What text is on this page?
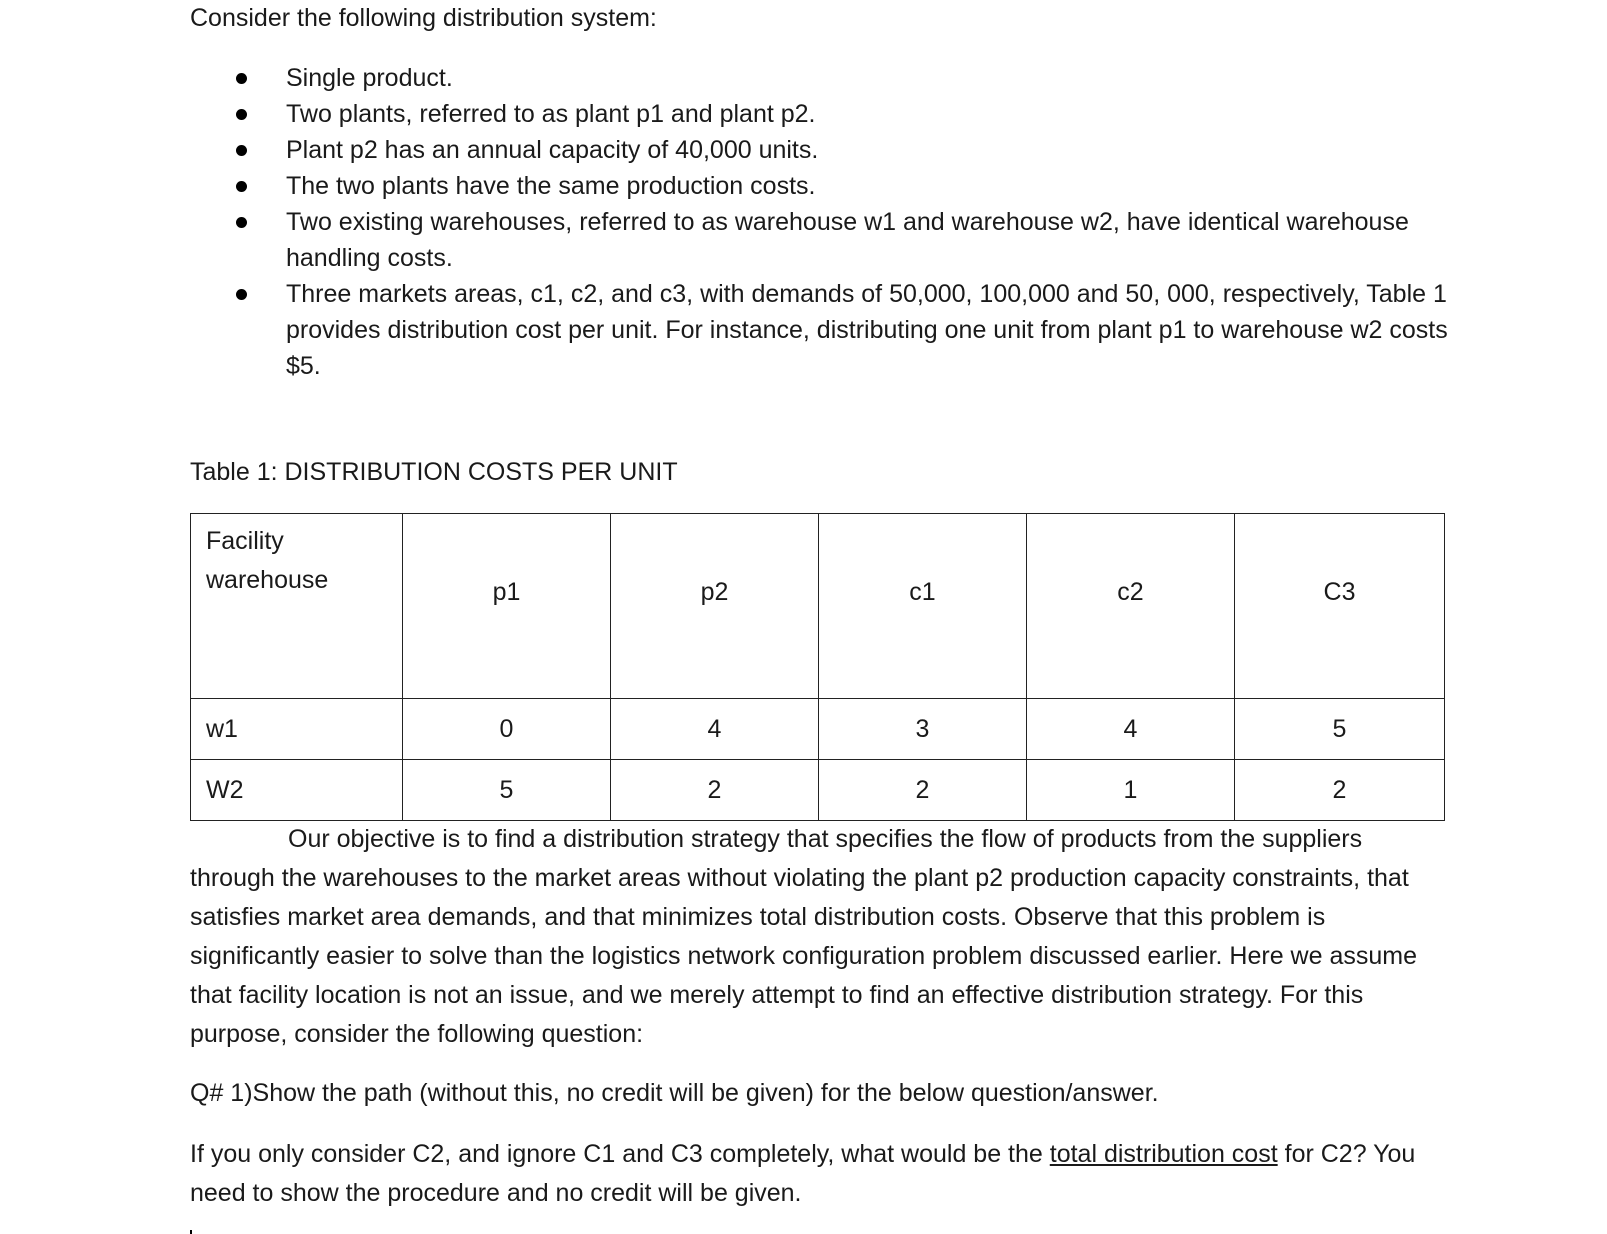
Consider the following distribution system:
Single product.
Two plants, referred to as plant p1 and plant p2.
Plant p2 has an annual capacity of 40,000 units.
The two plants have the same production costs.
Two existing warehouses, referred to as warehouse w1 and warehouse w2, have identical warehouse handling costs.
Three markets areas, c1, c2, and c3, with demands of 50,000, 100,000 and 50, 000, respectively, Table 1 provides distribution cost per unit. For instance, distributing one unit from plant p1 to warehouse w2 costs $5.
Table 1: DISTRIBUTION COSTS PER UNIT
Facility
warehouse	p1	p2	c1	c2	C3
w1	0	4	3	4	5
W2	5	2	2	1	2

Our objective is to find a distribution strategy that specifies the flow of products from the suppliers through the warehouses to the market areas without violating the plant p2 production capacity constraints, that satisfies market area demands, and that minimizes total distribution costs. Observe that this problem is significantly easier to solve than the logistics network configuration problem discussed earlier. Here we assume that facility location is not an issue, and we merely attempt to find an effective distribution strategy. For this purpose, consider the following question:

Q# 1)Show the path (without this, no credit will be given) for the below question/answer.

If you only consider C2, and ignore C1 and C3 completely, what would be the total distribution cost for C2? You need to show the procedure and no credit will be given.
